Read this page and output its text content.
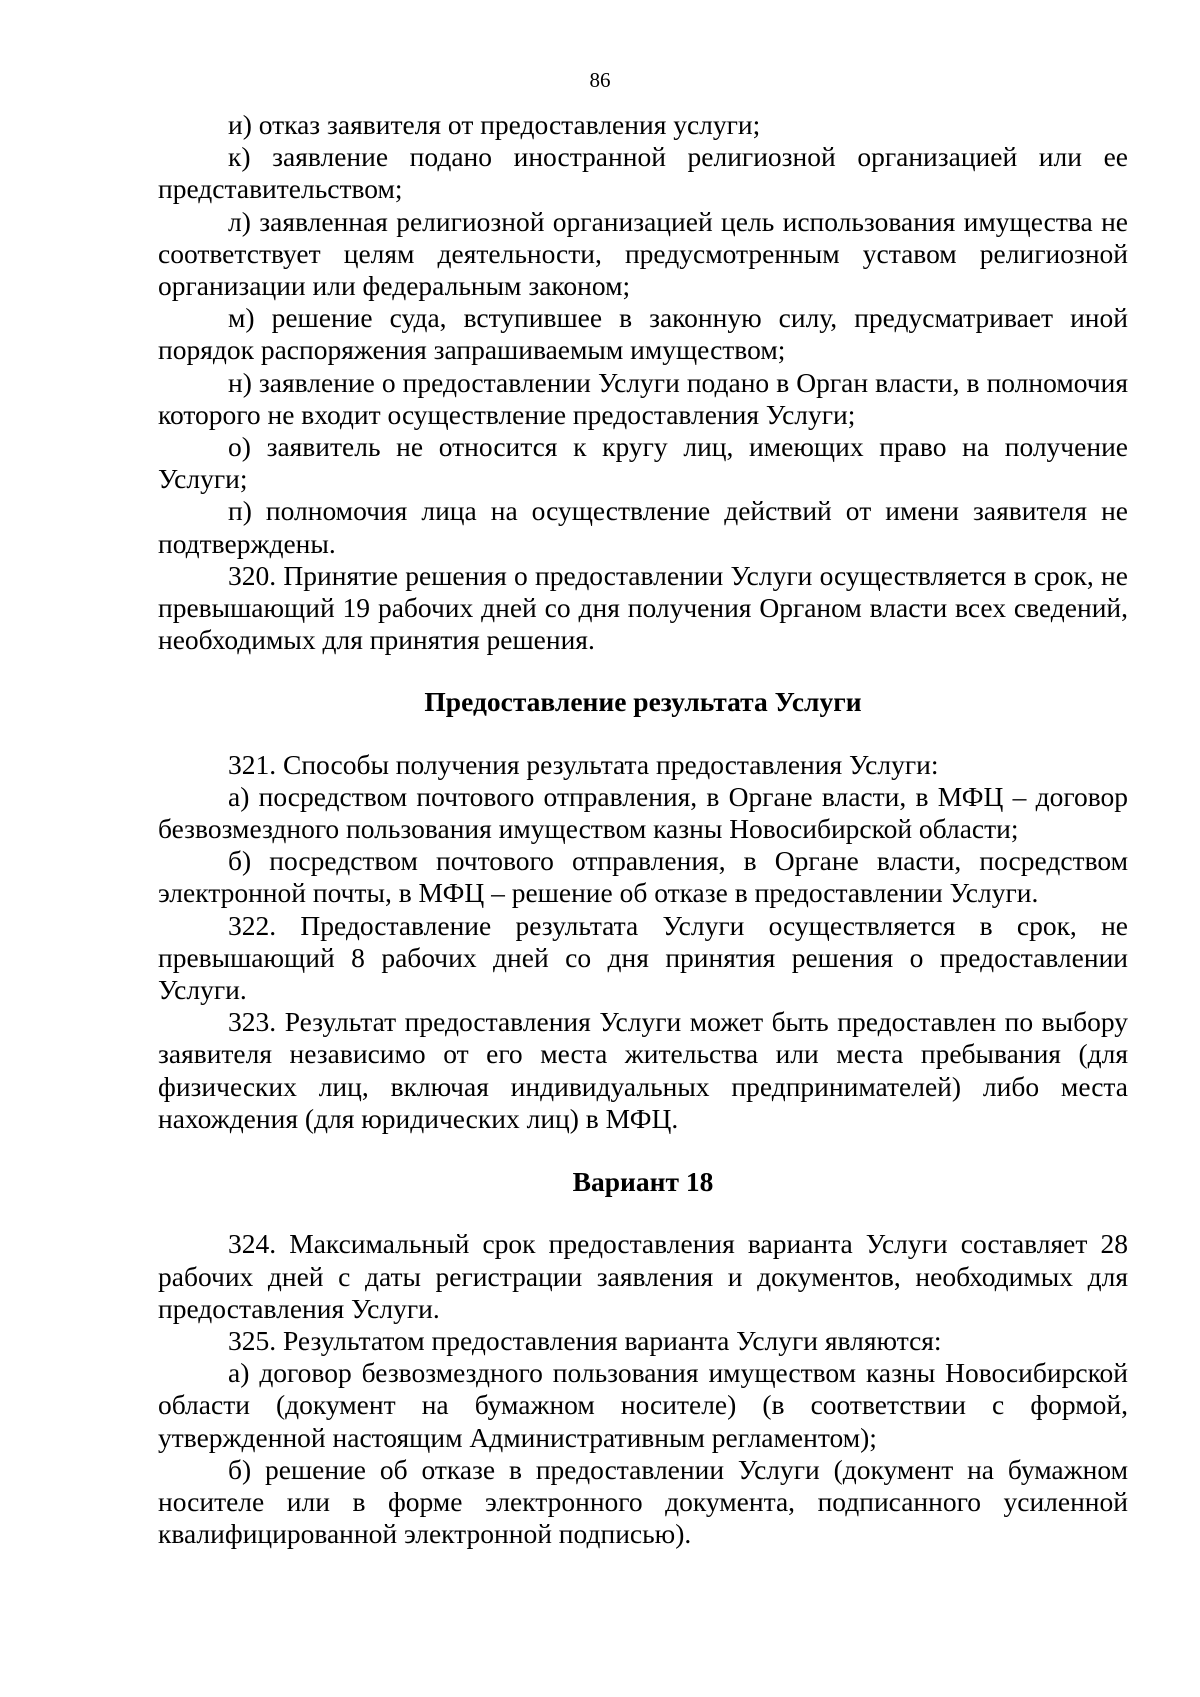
86

и) отказ заявителя от предоставления услуги;

к) заявление подано иностранной религиозной организацией или ее представительством;

л) заявленная религиозной организацией цель использования имущества не соответствует целям деятельности, предусмотренным уставом религиозной организации или федеральным законом;

м) решение суда, вступившее в законную силу, предусматривает иной порядок распоряжения запрашиваемым имуществом;

н) заявление о предоставлении Услуги подано в Орган власти, в полномочия которого не входит осуществление предоставления Услуги;

о) заявитель не относится к кругу лиц, имеющих право на получение Услуги;

п) полномочия лица на осуществление действий от имени заявителя не подтверждены.

320. Принятие решения о предоставлении Услуги осуществляется в срок, не превышающий 19 рабочих дней со дня получения Органом власти всех сведений, необходимых для принятия решения.

Предоставление результата Услуги

321. Способы получения результата предоставления Услуги:

а) посредством почтового отправления, в Органе власти, в МФЦ – договор безвозмездного пользования имуществом казны Новосибирской области;

б) посредством почтового отправления, в Органе власти, посредством электронной почты, в МФЦ – решение об отказе в предоставлении Услуги.

322. Предоставление результата Услуги осуществляется в срок, не превышающий 8 рабочих дней со дня принятия решения о предоставлении Услуги.

323. Результат предоставления Услуги может быть предоставлен по выбору заявителя независимо от его места жительства или места пребывания (для физических лиц, включая индивидуальных предпринимателей) либо места нахождения (для юридических лиц) в МФЦ.

Вариант 18

324. Максимальный срок предоставления варианта Услуги составляет 28 рабочих дней с даты регистрации заявления и документов, необходимых для предоставления Услуги.

325. Результатом предоставления варианта Услуги являются:

а) договор безвозмездного пользования имуществом казны Новосибирской области (документ на бумажном носителе) (в соответствии с формой, утвержденной настоящим Административным регламентом);

б) решение об отказе в предоставлении Услуги (документ на бумажном носителе или в форме электронного документа, подписанного усиленной квалифицированной электронной подписью).
